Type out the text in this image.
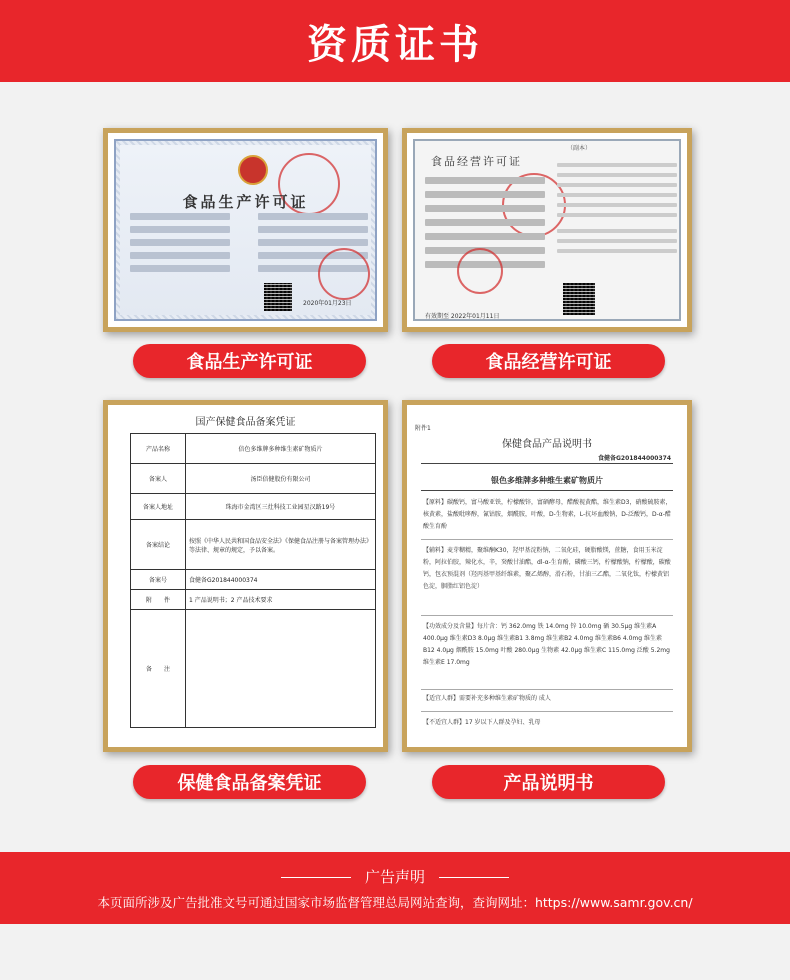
资质证书
食品生产许可证
2020年01月23日
食品生产许可证
（副本）
食品经营许可证
有效期至 2022年01月11日
食品经营许可证
国产保健食品备案凭证
产品名称	倍色多维牌多种维生素矿物质片
备案人	汤臣倍健股份有限公司
备案人地址	珠海市金湾区三灶科技工业园星汉路19号
备案结论	按照《中华人民共和国食品安全法》《保健食品注册与备案管理办法》等法律、规章的规定，予以备案。
备案号	食健备G201844000374
附　　件	1 产品说明书；2 产品技术要求
备　　注	
保健食品备案凭证
附件1
保健食品产品说明书
食健备G201844000374
银色多维牌多种维生素矿物质片
【原料】碳酸钙，富马酸亚铁，柠檬酸锌，富硒酵母，醋酸视黄酯，维生素D3，硝酸硫胺素，核黄素，盐酸吡哆醇，氰钴胺，烟酰胺，叶酸，D-生物素，L-抗坏血酸钠，D-泛酸钙，D-α-醋酸生育酚
【辅料】麦芽糊精，聚维酮K30，羟甲基淀粉钠，二氧化硅，硬脂酸镁，蔗糖，食用玉米淀粉，阿拉伯胶，辣化水，辛，癸酸甘油酯，dl-α-生育酚，磷酸三钙，柠檬酸钠，柠檬酸，碳酸钙，包衣预混剂（羟丙基甲基纤维素，聚乙烯醇，滑石粉，甘油三乙酯，二氧化钛，柠檬黄铝色淀，胭脂红铝色淀）
【功效成分及含量】每片含：钙 362.0mg 铁 14.0mg 锌 10.0mg 硒 30.5μg 维生素A 400.0μg 维生素D3 8.0μg 维生素B1 3.8mg 维生素B2 4.0mg 维生素B6 4.0mg 维生素B12 4.0μg 烟酰胺 15.0mg 叶酸 280.0μg 生物素 42.0μg 维生素C 115.0mg 泛酸 5.2mg 维生素E 17.0mg
【适宜人群】需要补充多种维生素矿物质的 成人
【不适宜人群】17 岁以下人群及孕妇、乳母
产品说明书
广告声明
本页面所涉及广告批准文号可通过国家市场监督管理总局网站查询，查询网址：https://www.samr.gov.cn/
